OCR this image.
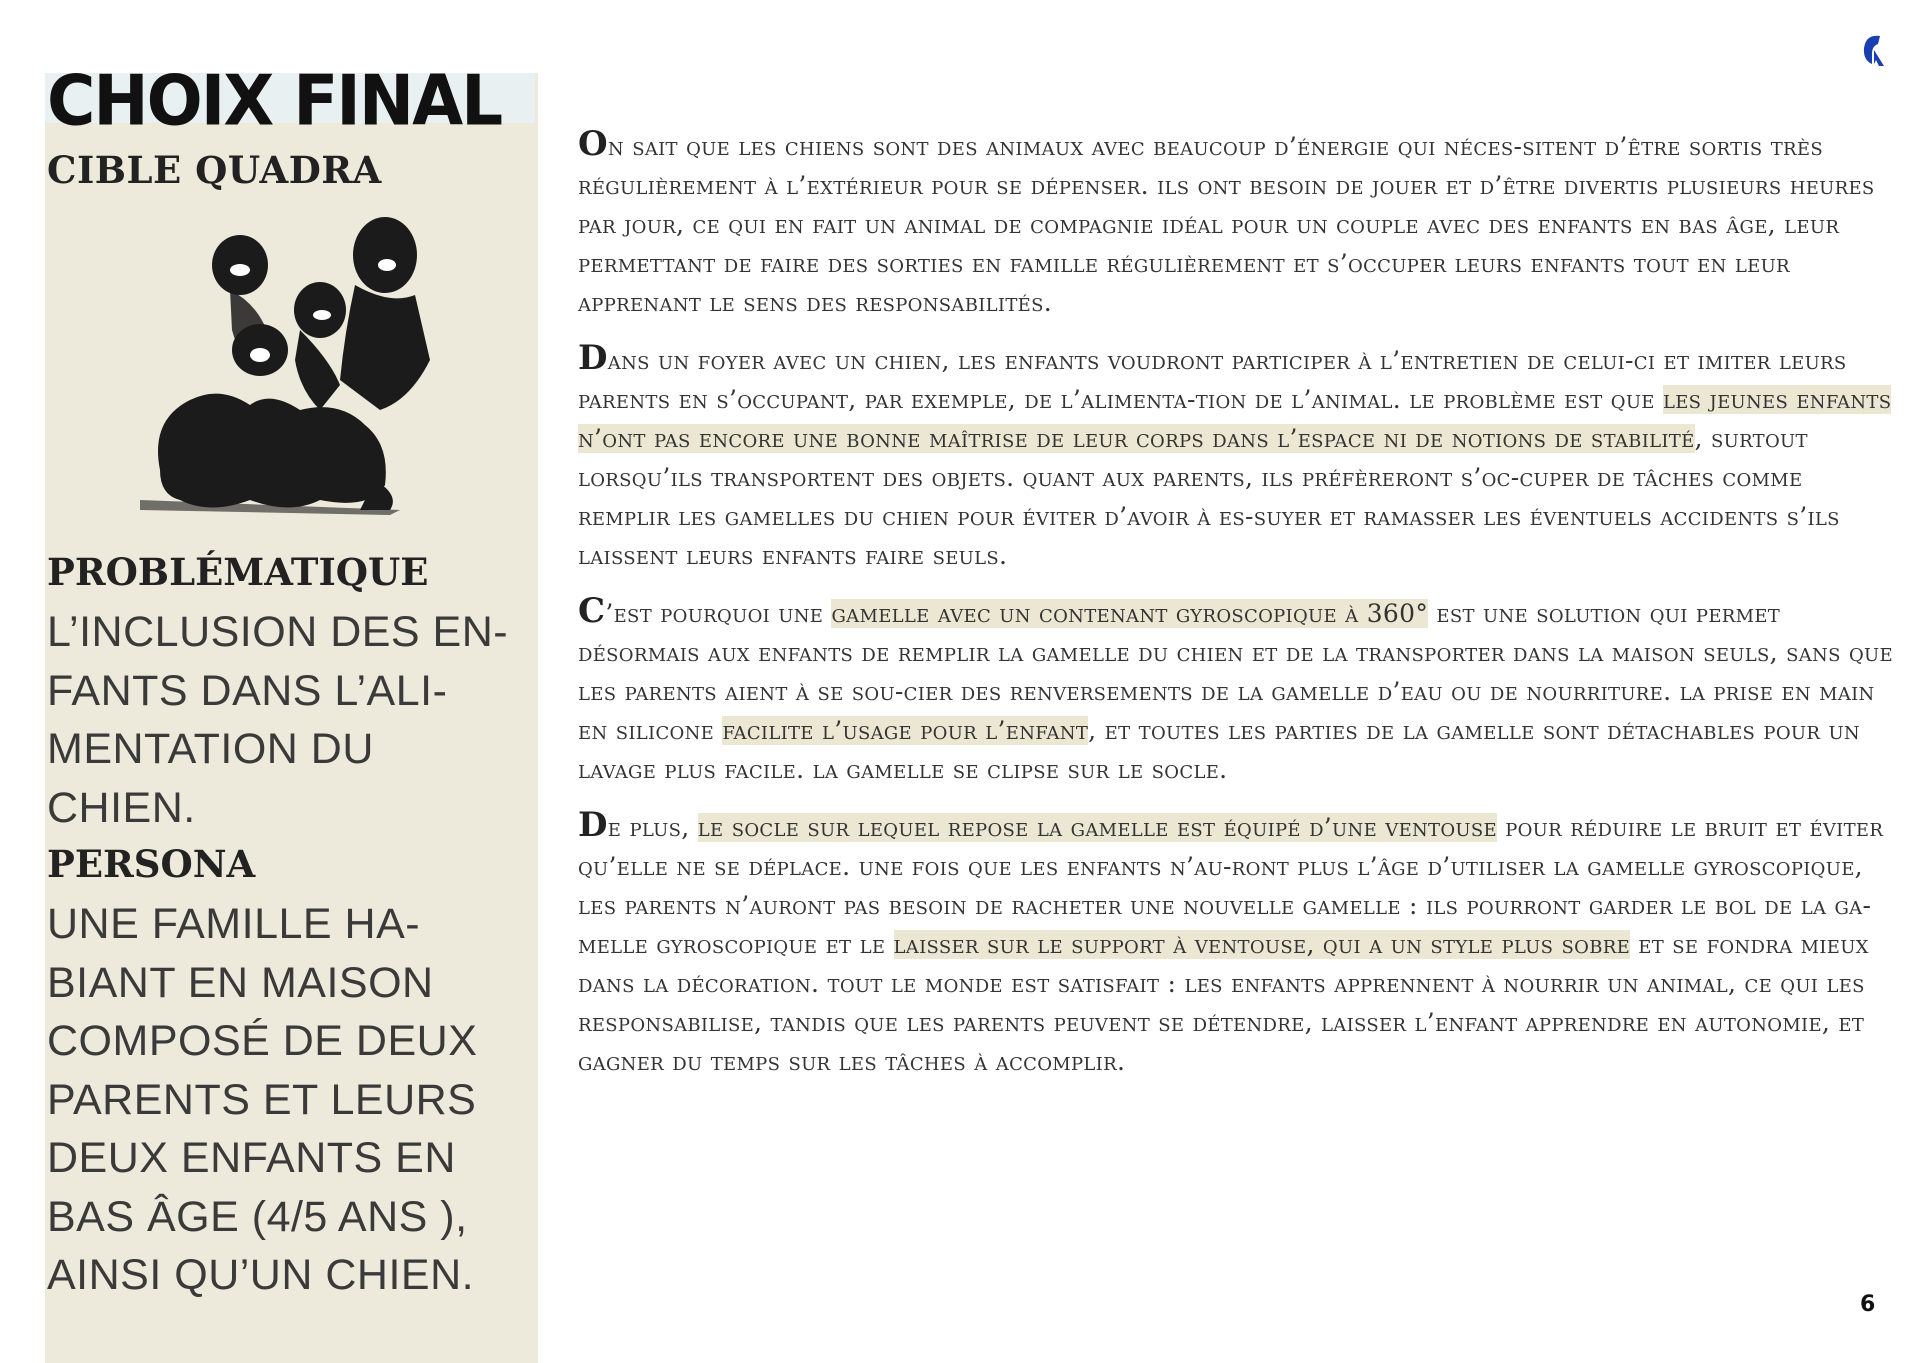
CHOIX FINAL
CIBLE QUADRA
PROBLÉMATIQUE

L’INCLUSION DES EN-FANTS DANS L’ALI-MENTATION DU CHIEN.

PERSONA

UNE FAMILLE HA-BIANT EN MAISON COMPOSÉ DE DEUX PARENTS ET LEURS DEUX ENFANTS EN BAS ÂGE (4/5 ANS ), AINSI QU’UN CHIEN.

On sait que les chiens sont des animaux avec beaucoup d’énergie qui néces-sitent d’être sortis très régulièrement à l’extérieur pour se dépenser. ils ont besoin de jouer et d’être divertis plusieurs heures par jour, ce qui en fait un animal de compagnie idéal pour un couple avec des enfants en bas âge, leur permettant de faire des sorties en famille régulièrement et s’occuper leurs enfants tout en leur apprenant le sens des responsabilités.

Dans un foyer avec un chien, les enfants voudront participer à l’entretien de celui-ci et imiter leurs parents en s’occupant, par exemple, de l’alimenta-tion de l’animal. le problème est que les jeunes enfants n’ont pas encore une bonne maîtrise de leur corps dans l’espace ni de notions de stabilité, surtout lorsqu’ils transportent des objets. quant aux parents, ils préfèreront s’oc-cuper de tâches comme remplir les gamelles du chien pour éviter d’avoir à es-suyer et ramasser les éventuels accidents s’ils laissent leurs enfants faire seuls.

C’est pourquoi une gamelle avec un contenant gyroscopique à 360° est une solution qui permet désormais aux enfants de remplir la gamelle du chien et de la transporter dans la maison seuls, sans que les parents aient à se sou-cier des renversements de la gamelle d’eau ou de nourriture. la prise en main en silicone facilite l’usage pour l’enfant, et toutes les parties de la gamelle sont détachables pour un lavage plus facile. la gamelle se clipse sur le socle.

De plus, le socle sur lequel repose la gamelle est équipé d’une ventouse pour réduire le bruit et éviter qu’elle ne se déplace. une fois que les enfants n’au-ront plus l’âge d’utiliser la gamelle gyroscopique, les parents n’auront pas besoin de racheter une nouvelle gamelle : ils pourront garder le bol de la ga-melle gyroscopique et le laisser sur le support à ventouse, qui a un style plus sobre et se fondra mieux dans la décoration. tout le monde est satisfait : les enfants apprennent à nourrir un animal, ce qui les responsabilise, tandis que les parents peuvent se détendre, laisser l’enfant apprendre en autonomie, et gagner du temps sur les tâches à accomplir.

6
